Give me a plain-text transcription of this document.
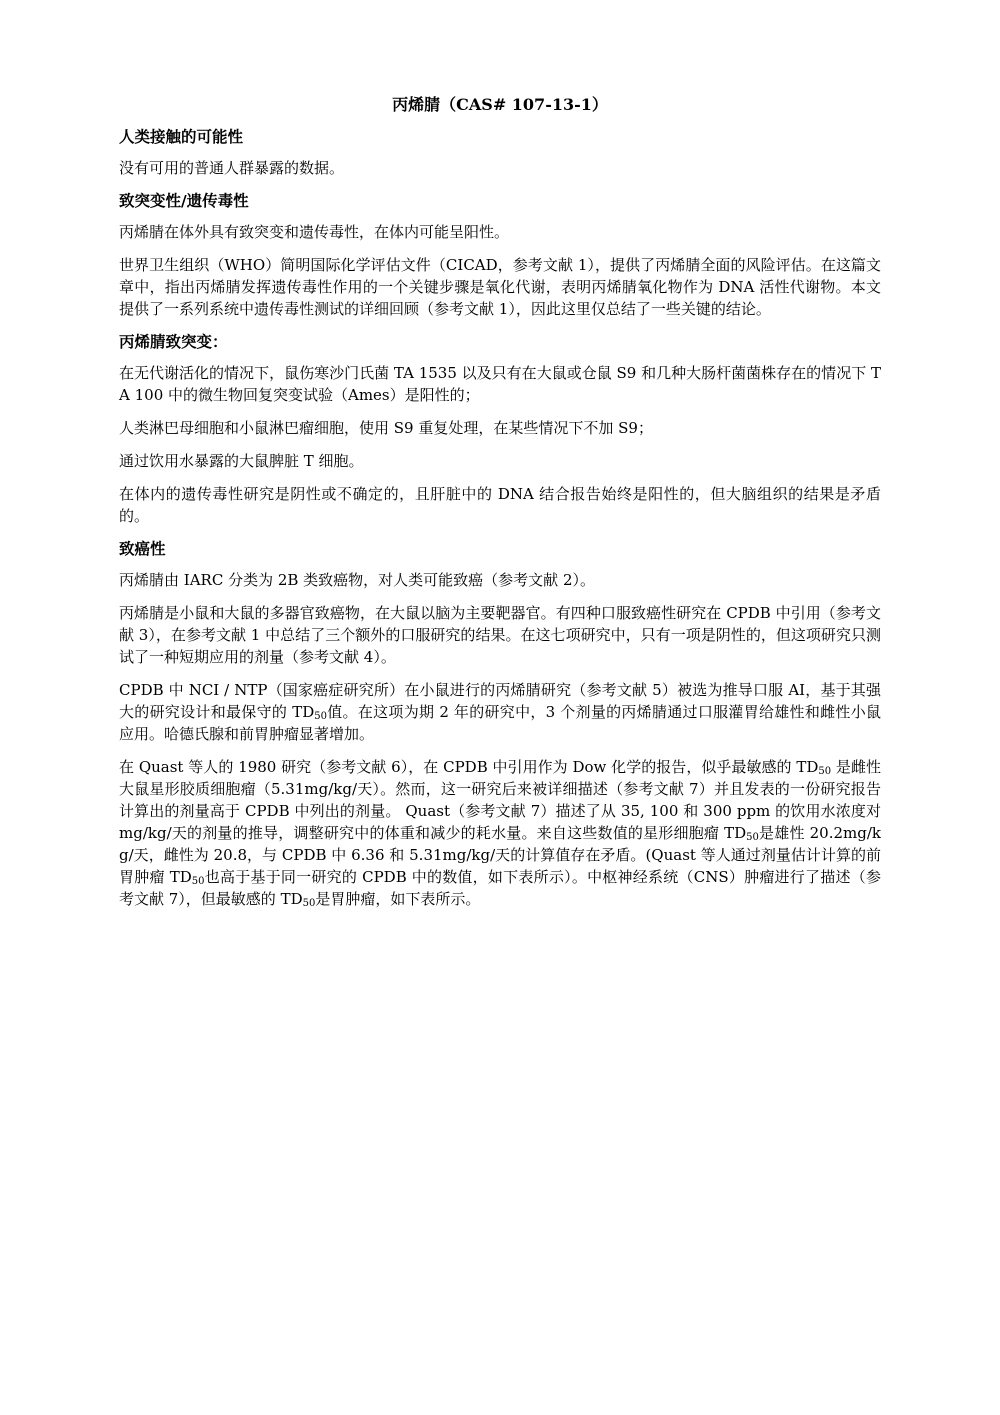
丙烯腈（CAS# 107-13-1）
人类接触的可能性
没有可用的普通人群暴露的数据。
致突变性/遗传毒性
丙烯腈在体外具有致突变和遗传毒性，在体内可能呈阳性。
世界卫生组织（WHO）简明国际化学评估文件（CICAD，参考文献 1），提供了丙烯腈全面的风险评估。在这篇文章中，指出丙烯腈发挥遗传毒性作用的一个关键步骤是氧化代谢，表明丙烯腈氧化物作为 DNA 活性代谢物。本文提供了一系列系统中遗传毒性测试的详细回顾（参考文献 1），因此这里仅总结了一些关键的结论。
丙烯腈致突变：
在无代谢活化的情况下，鼠伤寒沙门氏菌 TA 1535 以及只有在大鼠或仓鼠 S9 和几种大肠杆菌菌株存在的情况下 TA 100 中的微生物回复突变试验（Ames）是阳性的；
人类淋巴母细胞和小鼠淋巴瘤细胞，使用 S9 重复处理，在某些情况下不加 S9；
通过饮用水暴露的大鼠脾脏 T 细胞。
在体内的遗传毒性研究是阴性或不确定的，且肝脏中的 DNA 结合报告始终是阳性的，但大脑组织的结果是矛盾的。
致癌性
丙烯腈由 IARC 分类为 2B 类致癌物，对人类可能致癌（参考文献 2）。
丙烯腈是小鼠和大鼠的多器官致癌物，在大鼠以脑为主要靶器官。有四种口服致癌性研究在 CPDB 中引用（参考文献 3），在参考文献 1 中总结了三个额外的口服研究的结果。在这七项研究中，只有一项是阴性的，但这项研究只测试了一种短期应用的剂量（参考文献 4）。
CPDB 中 NCI / NTP（国家癌症研究所）在小鼠进行的丙烯腈研究（参考文献 5）被选为推导口服 AI，基于其强大的研究设计和最保守的 $TD_{50}$值。在这项为期 2 年的研究中，3 个剂量的丙烯腈通过口服灌胃给雄性和雌性小鼠应用。哈德氏腺和前胃肿瘤显著增加。
在 Quast 等人的 1980 研究（参考文献 6），在 CPDB 中引用作为 Dow 化学的报告，似乎最敏感的 $TD_{50}$ 是雌性大鼠星形胶质细胞瘤（5.31mg/kg/天）。然而，这一研究后来被详细描述（参考文献 7）并且发表的一份研究报告计算出的剂量高于 CPDB 中列出的剂量。 Quast（参考文献 7）描述了从 35, 100 和 300 ppm 的饮用水浓度对 mg/kg/天的剂量的推导，调整研究中的体重和减少的耗水量。来自这些数值的星形细胞瘤 $TD_{50}$是雄性 20.2mg/kg/天，雌性为 20.8，与 CPDB 中 6.36 和 5.31mg/kg/天的计算值存在矛盾。(Quast 等人通过剂量估计计算的前胃肿瘤 $TD_{50}$也高于基于同一研究的 CPDB 中的数值，如下表所示）。中枢神经系统（CNS）肿瘤进行了描述（参考文献 7），但最敏感的 $TD_{50}$是胃肿瘤，如下表所示。
